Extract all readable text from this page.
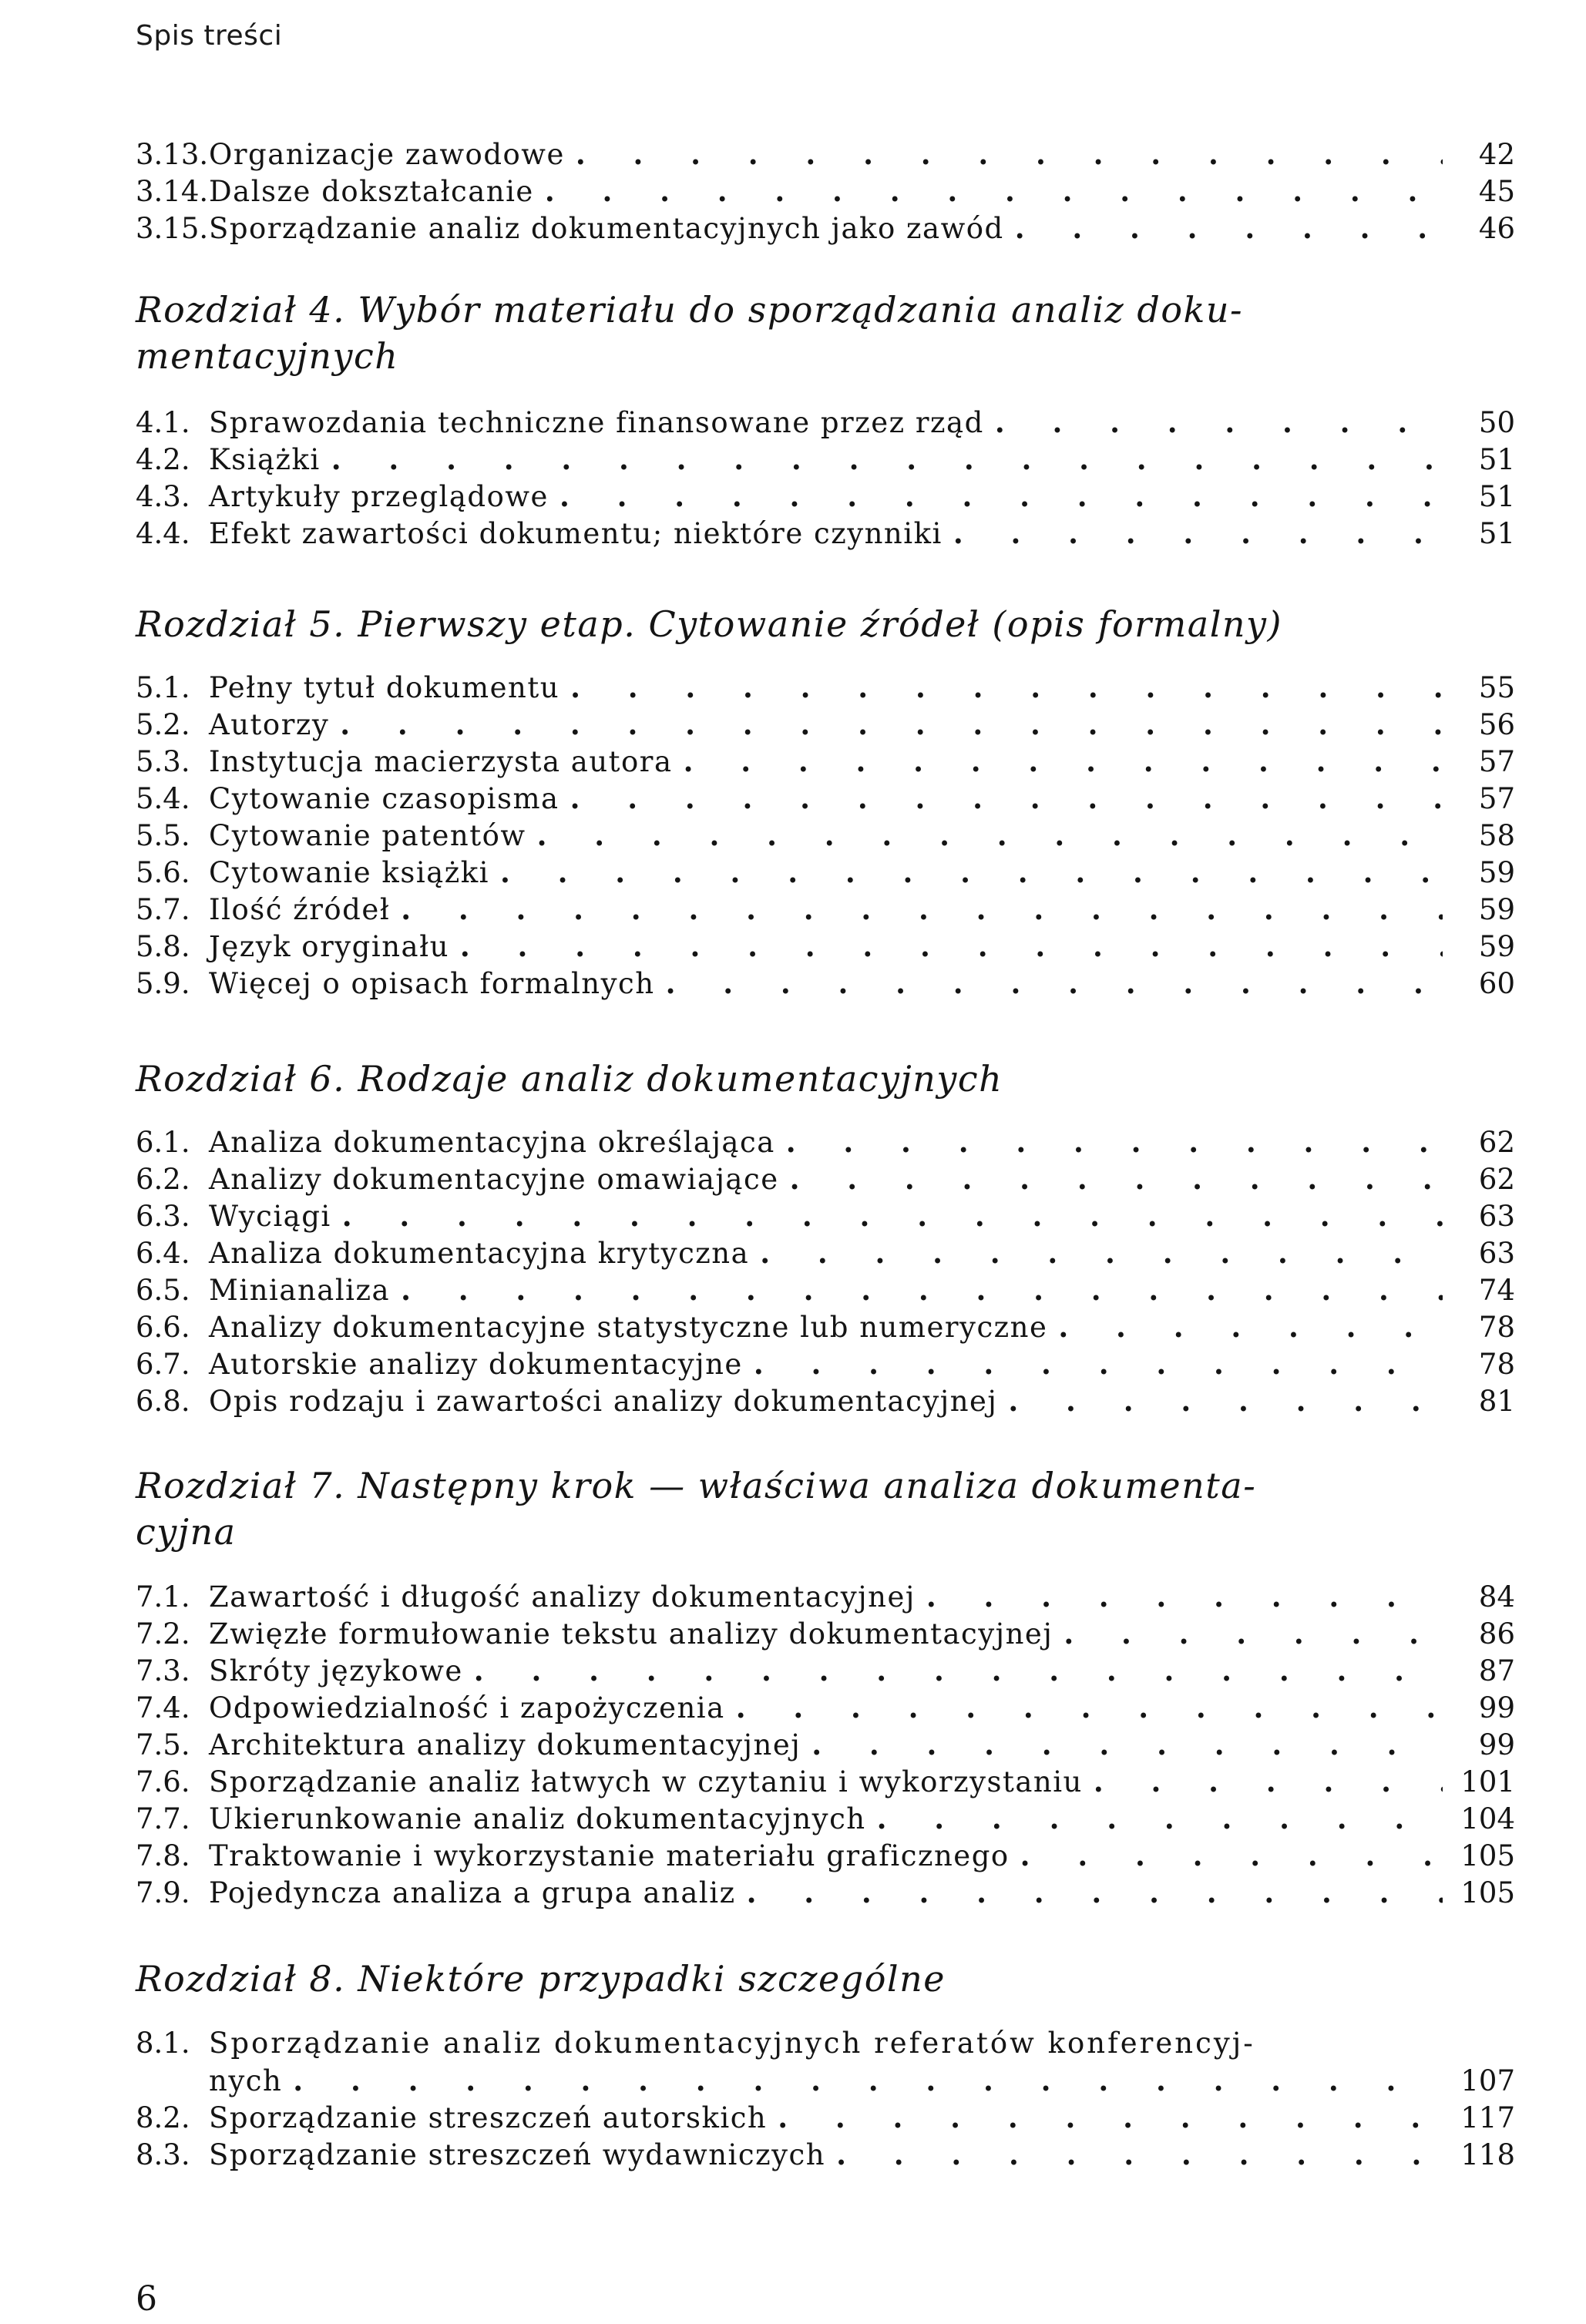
Spis treści
3.13. Organizacje zawodowe . .	42
3.14. Dalsze dokształcanie . .	45
3.15. Sporządzanie analiz dokumentacyjnych jako zawód . .	46

Rozdział 4. Wybór materiału do sporządzania analiz doku-
mentacyjnych

4.1. Sprawozdania techniczne finansowane przez rząd . .	50
4.2. Książki . .	51
4.3. Artykuły przeglądowe . .	51
4.4. Efekt zawartości dokumentu; niektóre czynniki . .	51

Rozdział 5. Pierwszy etap. Cytowanie źródeł (opis formalny)

5.1. Pełny tytuł dokumentu . .	55
5.2. Autorzy . .	56
5.3. Instytucja macierzysta autora . .	57
5.4. Cytowanie czasopisma . .	57
5.5. Cytowanie patentów . .	58
5.6. Cytowanie książki . .	59
5.7. Ilość źródeł . .	59
5.8. Język oryginału . .	59
5.9. Więcej o opisach formalnych . .	60

Rozdział 6. Rodzaje analiz dokumentacyjnych

6.1. Analiza dokumentacyjna określająca . .	62
6.2. Analizy dokumentacyjne omawiające . .	62
6.3. Wyciągi . .	63
6.4. Analiza dokumentacyjna krytyczna . .	63
6.5. Minianaliza . .	74
6.6. Analizy dokumentacyjne statystyczne lub numeryczne . .	78
6.7. Autorskie analizy dokumentacyjne . .	78
6.8. Opis rodzaju i zawartości analizy dokumentacyjnej . .	81

Rozdział 7. Następny krok — właściwa analiza dokumenta-
cyjna

7.1. Zawartość i długość analizy dokumentacyjnej . .	84
7.2. Zwięzłe formułowanie tekstu analizy dokumentacyjnej . .	86
7.3. Skróty językowe . .	87
7.4. Odpowiedzialność i zapożyczenia . .	99
7.5. Architektura analizy dokumentacyjnej . .	99
7.6. Sporządzanie analiz łatwych w czytaniu i wykorzystaniu . .	101
7.7. Ukierunkowanie analiz dokumentacyjnych . .	104
7.8. Traktowanie i wykorzystanie materiału graficznego . .	105
7.9. Pojedyncza analiza a grupa analiz . .	105

Rozdział 8. Niektóre przypadki szczególne

8.1. Sporządzanie analiz dokumentacyjnych referatów konferencyj-
nych . .	107
8.2. Sporządzanie streszczeń autorskich . .	117
8.3. Sporządzanie streszczeń wydawniczych . .	118
6
